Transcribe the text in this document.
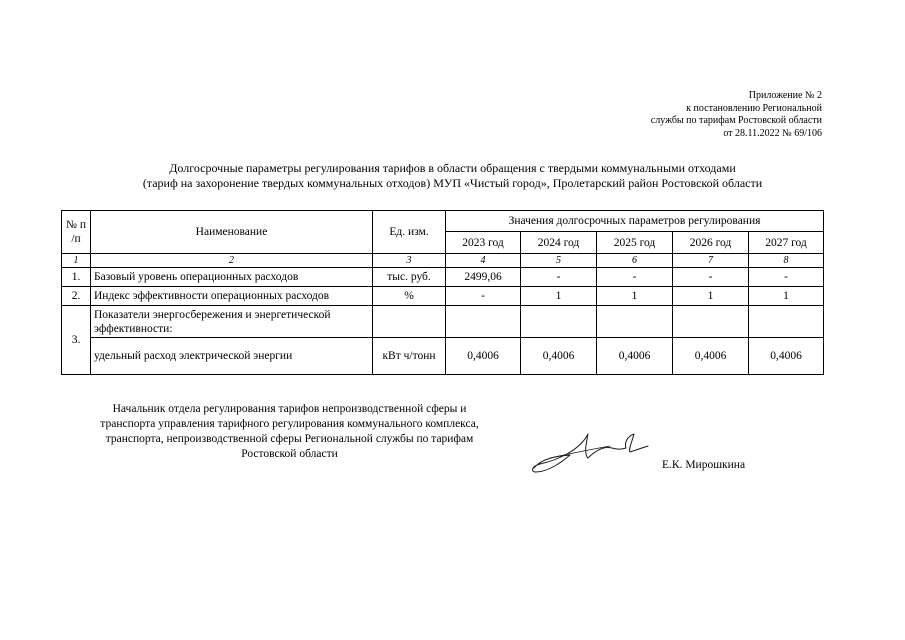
Приложение № 2
к постановлению Региональной
службы по тарифам Ростовской области
от 28.11.2022 № 69/106
Долгосрочные параметры регулирования тарифов в области обращения с твердыми коммунальными отходами
(тариф на захоронение твердых коммунальных отходов) МУП «Чистый город», Пролетарский район Ростовской области
№ п /п	Наименование	Ед. изм.	Значения долгосрочных параметров регулирования				
			2023 год	2024 год	2025 год	2026 год	2027 год
1	2	3	4	5	6	7	8
1.	Базовый уровень операционных расходов	тыс. руб.	2499,06	-	-	-	-
2.	Индекс эффективности операционных расходов	%	-	1	1	1	1
3.	Показатели энергосбережения и энергетической эффективности:						
	удельный расход электрической энергии	кВт ч/тонн	0,4006	0,4006	0,4006	0,4006	0,4006
Начальник отдела регулирования тарифов непроизводственной сферы и
транспорта управления тарифного регулирования коммунального комплекса,
транспорта, непроизводственной сферы Региональной службы по тарифам
Ростовской области
Е.К. Мирошкина
